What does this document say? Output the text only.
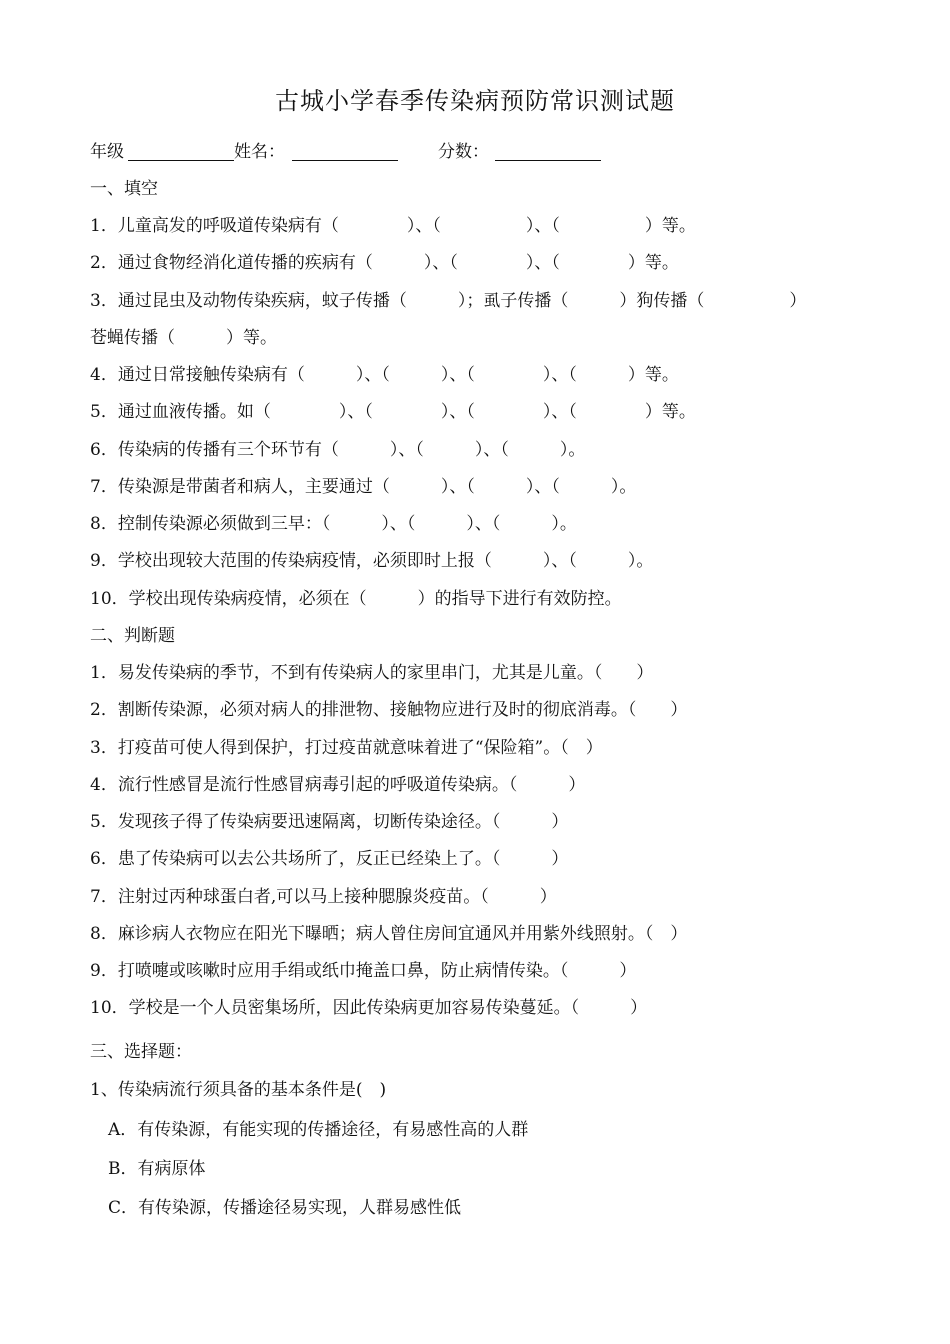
古城小学春季传染病预防常识测试题
年级	姓名：	分数：
一、填空
1．儿童高发的呼吸道传染病有（　　　　）、（　　　　　）、（　　　　　）等。
2．通过食物经消化道传播的疾病有（　　　）、（　　　　）、（　　　　）等。
3．通过昆虫及动物传染疾病，蚊子传播（　　　）；虱子传播（　　　）狗传播（　　　　　）
苍蝇传播（　　　）等。
4．通过日常接触传染病有（　　　）、（　　　）、（　　　　）、（　　　）等。
5．通过血液传播。如（　　　　）、（　　　　）、（　　　　）、（　　　　）等。
6．传染病的传播有三个环节有（　　　）、（　　　）、（　　　）。
7．传染源是带菌者和病人，主要通过（　　　）、（　　　）、（　　　）。
8．控制传染源必须做到三早：（　　　）、（　　　）、（　　　）。
9．学校出现较大范围的传染病疫情，必须即时上报（　　　）、（　　　）。
10．学校出现传染病疫情，必须在（　　　）的指导下进行有效防控。
二、判断题
1．易发传染病的季节，不到有传染病人的家里串门，尤其是儿童。（　　）
2．割断传染源，必须对病人的排泄物、接触物应进行及时的彻底消毒。（　　）
3．打疫苗可使人得到保护，打过疫苗就意味着进了“保险箱”。（　）
4．流行性感冒是流行性感冒病毒引起的呼吸道传染病。（　　　）
5．发现孩子得了传染病要迅速隔离，切断传染途径。（　　　）
6．患了传染病可以去公共场所了，反正已经染上了。（　　　）
7．注射过丙种球蛋白者,可以马上接种腮腺炎疫苗。（　　　）
8．麻诊病人衣物应在阳光下曝晒；病人曾住房间宜通风并用紫外线照射。（　）
9．打喷嚏或咳嗽时应用手绢或纸巾掩盖口鼻，防止病情传染。（　　　）
10．学校是一个人员密集场所，因此传染病更加容易传染蔓延。（　　　）
三、选择题：
1、传染病流行须具备的基本条件是(　)
A．有传染源，有能实现的传播途径，有易感性高的人群
B．有病原体
C．有传染源，传播途径易实现，人群易感性低
